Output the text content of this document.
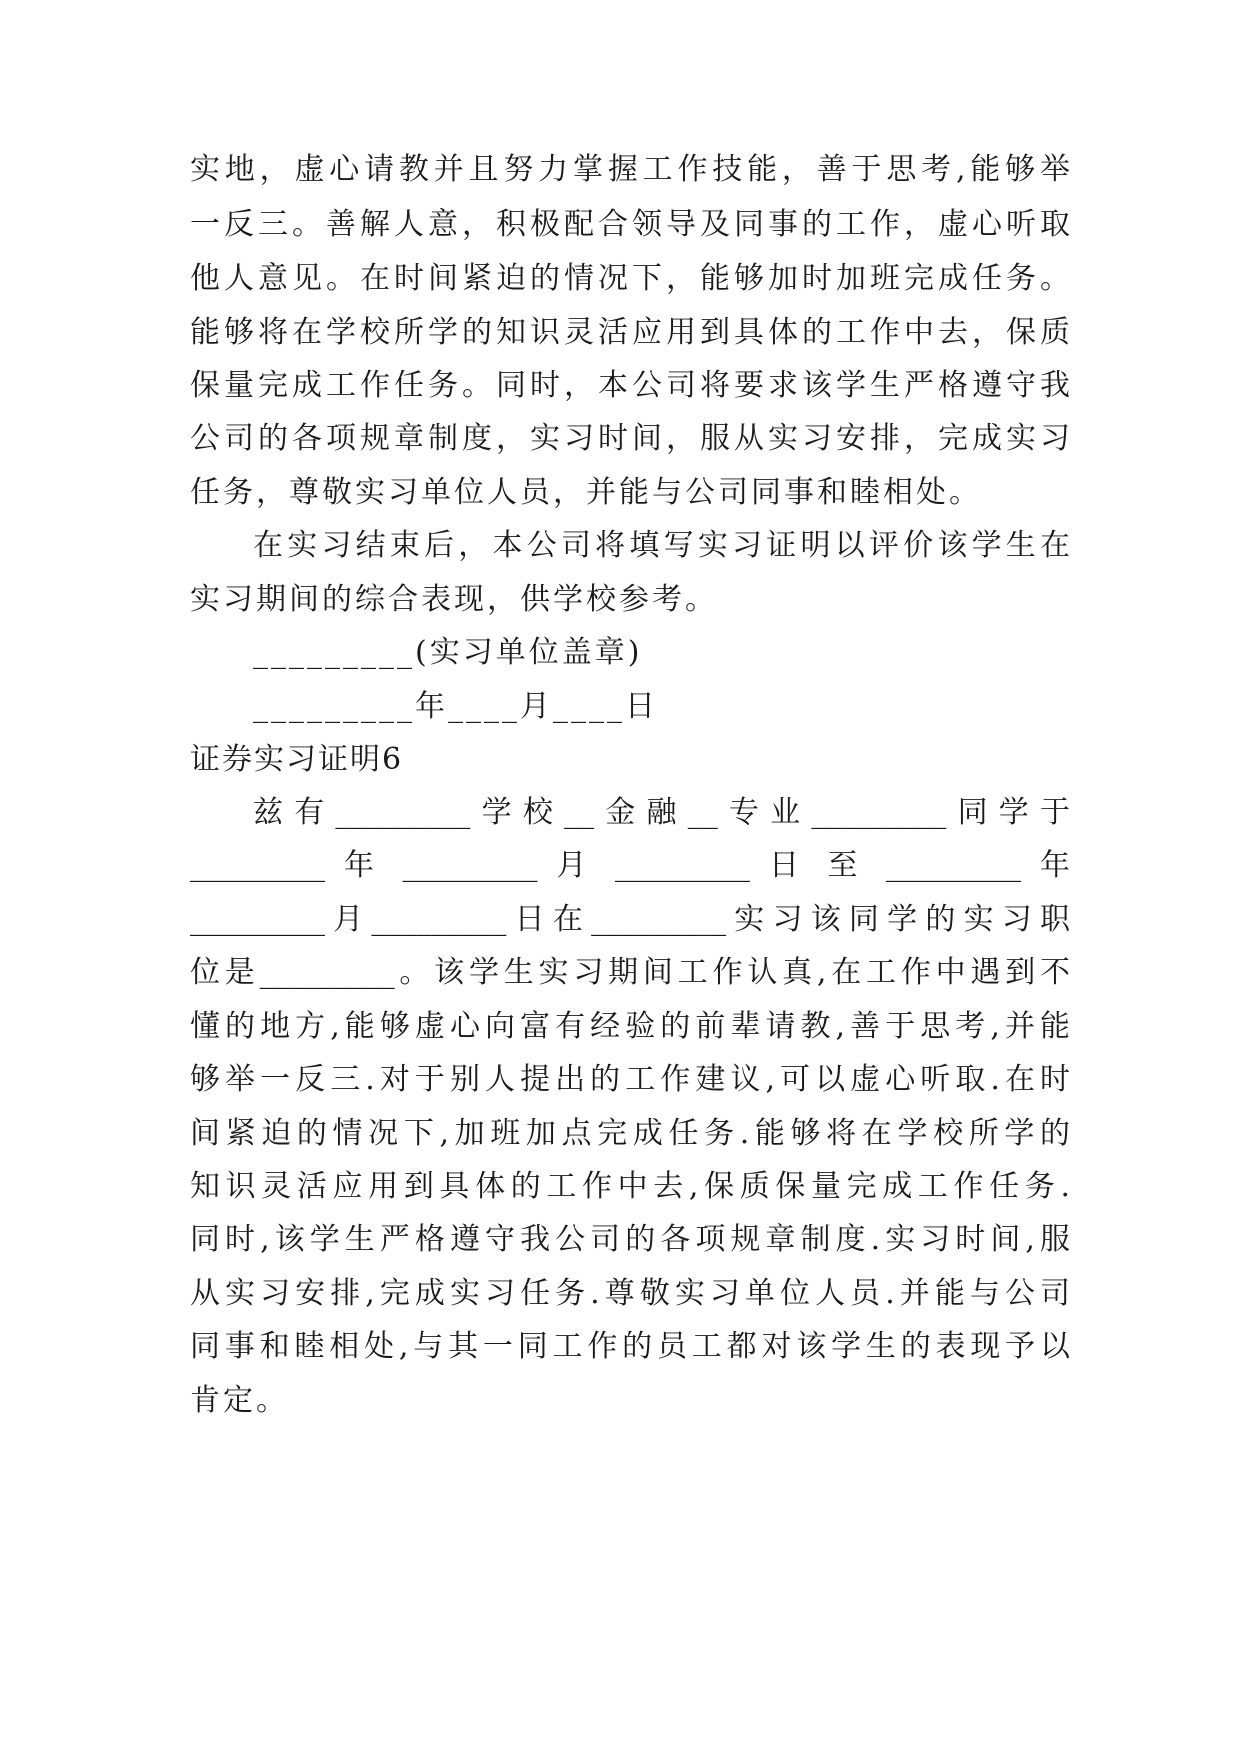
实地，虚心请教并且努力掌握工作技能，善于思考,能够举
一反三。善解人意，积极配合领导及同事的工作，虚心听取
他人意见。在时间紧迫的情况下，能够加时加班完成任务。
能够将在学校所学的知识灵活应用到具体的工作中去，保质
保量完成工作任务。同时，本公司将要求该学生严格遵守我
公司的各项规章制度，实习时间，服从实习安排，完成实习
任务，尊敬实习单位人员，并能与公司同事和睦相处。
在实习结束后，本公司将填写实习证明以评价该学生在
实习期间的综合表现，供学校参考。
_________(实习单位盖章)
_________年____月____日
证券实习证明6
兹有_________学校__金融__专业_________同学于
_________ 年 _________ 月 _________ 日 至 _________ 年
_________月_________日在_________实习该同学的实习职
位是_________。该学生实习期间工作认真,在工作中遇到不
懂的地方,能够虚心向富有经验的前辈请教,善于思考,并能
够举一反三.对于别人提出的工作建议,可以虚心听取.在时
间紧迫的情况下,加班加点完成任务.能够将在学校所学的
知识灵活应用到具体的工作中去,保质保量完成工作任务.
同时,该学生严格遵守我公司的各项规章制度.实习时间,服
从实习安排,完成实习任务.尊敬实习单位人员.并能与公司
同事和睦相处,与其一同工作的员工都对该学生的表现予以
肯定。
